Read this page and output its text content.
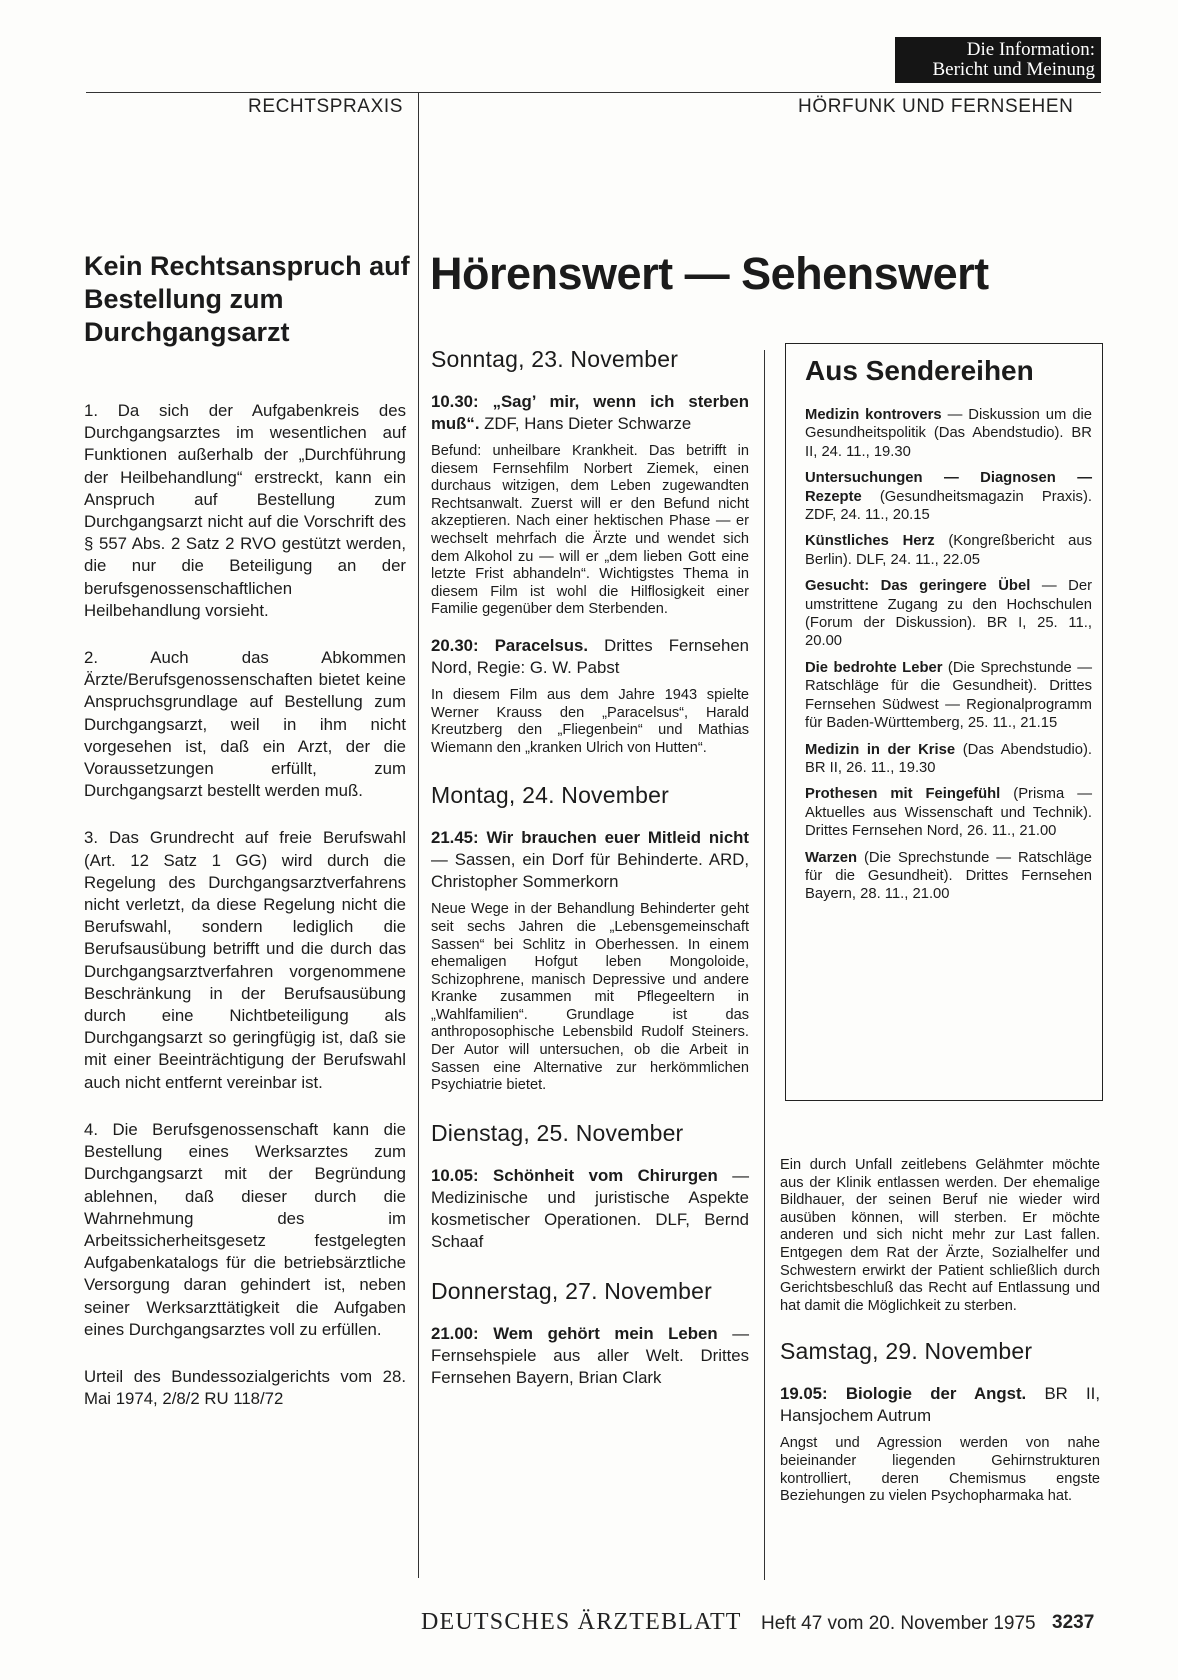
Die Information:
Bericht und Meinung
RECHTSPRAXIS	HÖRFUNK UND FERNSEHEN
Kein Rechtsanspruch auf Bestellung zum Durchgangsarzt

1. Da sich der Aufgabenkreis des Durchgangsarztes im wesentlichen auf Funktionen außerhalb der „Durchführung der Heilbehandlung“ erstreckt, kann ein Anspruch auf Bestellung zum Durchgangsarzt nicht auf die Vorschrift des § 557 Abs. 2 Satz 2 RVO gestützt werden, die nur die Beteiligung an der berufsgenossenschaftlichen Heilbehandlung vorsieht.

2. Auch das Abkommen Ärzte/Berufsgenossenschaften bietet keine Anspruchsgrundlage auf Bestellung zum Durchgangsarzt, weil in ihm nicht vorgesehen ist, daß ein Arzt, der die Voraussetzungen erfüllt, zum Durchgangsarzt bestellt werden muß.

3. Das Grundrecht auf freie Berufswahl (Art. 12 Satz 1 GG) wird durch die Regelung des Durchgangsarztverfahrens nicht verletzt, da diese Regelung nicht die Berufswahl, sondern lediglich die Berufsausübung betrifft und die durch das Durchgangsarztverfahren vorgenommene Beschränkung in der Berufsausübung durch eine Nichtbeteiligung als Durchgangsarzt so geringfügig ist, daß sie mit einer Beeinträchtigung der Berufswahl auch nicht entfernt vereinbar ist.

4. Die Berufsgenossenschaft kann die Bestellung eines Werksarztes zum Durchgangsarzt mit der Begründung ablehnen, daß dieser durch die Wahrnehmung des im Arbeitssicherheitsgesetz festgelegten Aufgabenkatalogs für die betriebsärztliche Versorgung daran gehindert ist, neben seiner Werksarzttätigkeit die Aufgaben eines Durchgangsarztes voll zu erfüllen.

Urteil des Bundessozialgerichts vom 28. Mai 1974, 2/8/2 RU 118/72

Hörenswert — Sehenswert
Sonntag, 23. November
10.30: „Sag’ mir, wenn ich sterben muß“. ZDF, Hans Dieter Schwarze
Befund: unheilbare Krankheit. Das betrifft in diesem Fernsehfilm Norbert Ziemek, einen durchaus witzigen, dem Leben zugewandten Rechtsanwalt. Zuerst will er den Befund nicht akzeptieren. Nach einer hektischen Phase — er wechselt mehrfach die Ärzte und wendet sich dem Alkohol zu — will er „dem lieben Gott eine letzte Frist abhandeln“. Wichtigstes Thema in diesem Film ist wohl die Hilflosigkeit einer Familie gegenüber dem Sterbenden.
20.30: Paracelsus. Drittes Fernsehen Nord, Regie: G. W. Pabst
In diesem Film aus dem Jahre 1943 spielte Werner Krauss den „Paracelsus“, Harald Kreutzberg den „Fliegenbein“ und Mathias Wiemann den „kranken Ulrich von Hutten“.
Montag, 24. November
21.45: Wir brauchen euer Mitleid nicht — Sassen, ein Dorf für Behinderte. ARD, Christopher Sommerkorn
Neue Wege in der Behandlung Behinderter geht seit sechs Jahren die „Lebensgemeinschaft Sassen“ bei Schlitz in Oberhessen. In einem ehemaligen Hofgut leben Mongoloide, Schizophrene, manisch Depressive und andere Kranke zusammen mit Pflegeeltern in „Wahlfamilien“. Grundlage ist das anthroposophische Lebensbild Rudolf Steiners. Der Autor will untersuchen, ob die Arbeit in Sassen eine Alternative zur herkömmlichen Psychiatrie bietet.
Dienstag, 25. November
10.05: Schönheit vom Chirurgen — Medizinische und juristische Aspekte kosmetischer Operationen. DLF, Bernd Schaaf
Donnerstag, 27. November
21.00: Wem gehört mein Leben — Fernsehspiele aus aller Welt. Drittes Fernsehen Bayern, Brian Clark
Aus Sendereihen

Medizin kontrovers — Diskussion um die Gesundheitspolitik (Das Abendstudio). BR II, 24. 11., 19.30

Untersuchungen — Diagnosen — Rezepte (Gesundheitsmagazin Praxis). ZDF, 24. 11., 20.15

Künstliches Herz (Kongreßbericht aus Berlin). DLF, 24. 11., 22.05

Gesucht: Das geringere Übel — Der umstrittene Zugang zu den Hochschulen (Forum der Diskussion). BR I, 25. 11., 20.00

Die bedrohte Leber (Die Sprechstunde — Ratschläge für die Gesundheit). Drittes Fernsehen Südwest — Regionalprogramm für Baden-Württemberg, 25. 11., 21.15

Medizin in der Krise (Das Abendstudio). BR II, 26. 11., 19.30

Prothesen mit Feingefühl (Prisma — Aktuelles aus Wissenschaft und Technik). Drittes Fernsehen Nord, 26. 11., 21.00

Warzen (Die Sprechstunde — Ratschläge für die Gesundheit). Drittes Fernsehen Bayern, 28. 11., 21.00

Ein durch Unfall zeitlebens Gelähmter möchte aus der Klinik entlassen werden. Der ehemalige Bildhauer, der seinen Beruf nie wieder wird ausüben können, will sterben. Er möchte anderen und sich nicht mehr zur Last fallen. Entgegen dem Rat der Ärzte, Sozialhelfer und Schwestern erwirkt der Patient schließlich durch Gerichtsbeschluß das Recht auf Entlassung und hat damit die Möglichkeit zu sterben.
Samstag, 29. November
19.05: Biologie der Angst. BR II, Hansjochem Autrum
Angst und Agression werden von nahe beieinander liegenden Gehirnstrukturen kontrolliert, deren Chemismus engste Beziehungen zu vielen Psychopharmaka hat.
DEUTSCHES ÄRZTEBLATT Heft 47 vom 20. November 1975 3237
